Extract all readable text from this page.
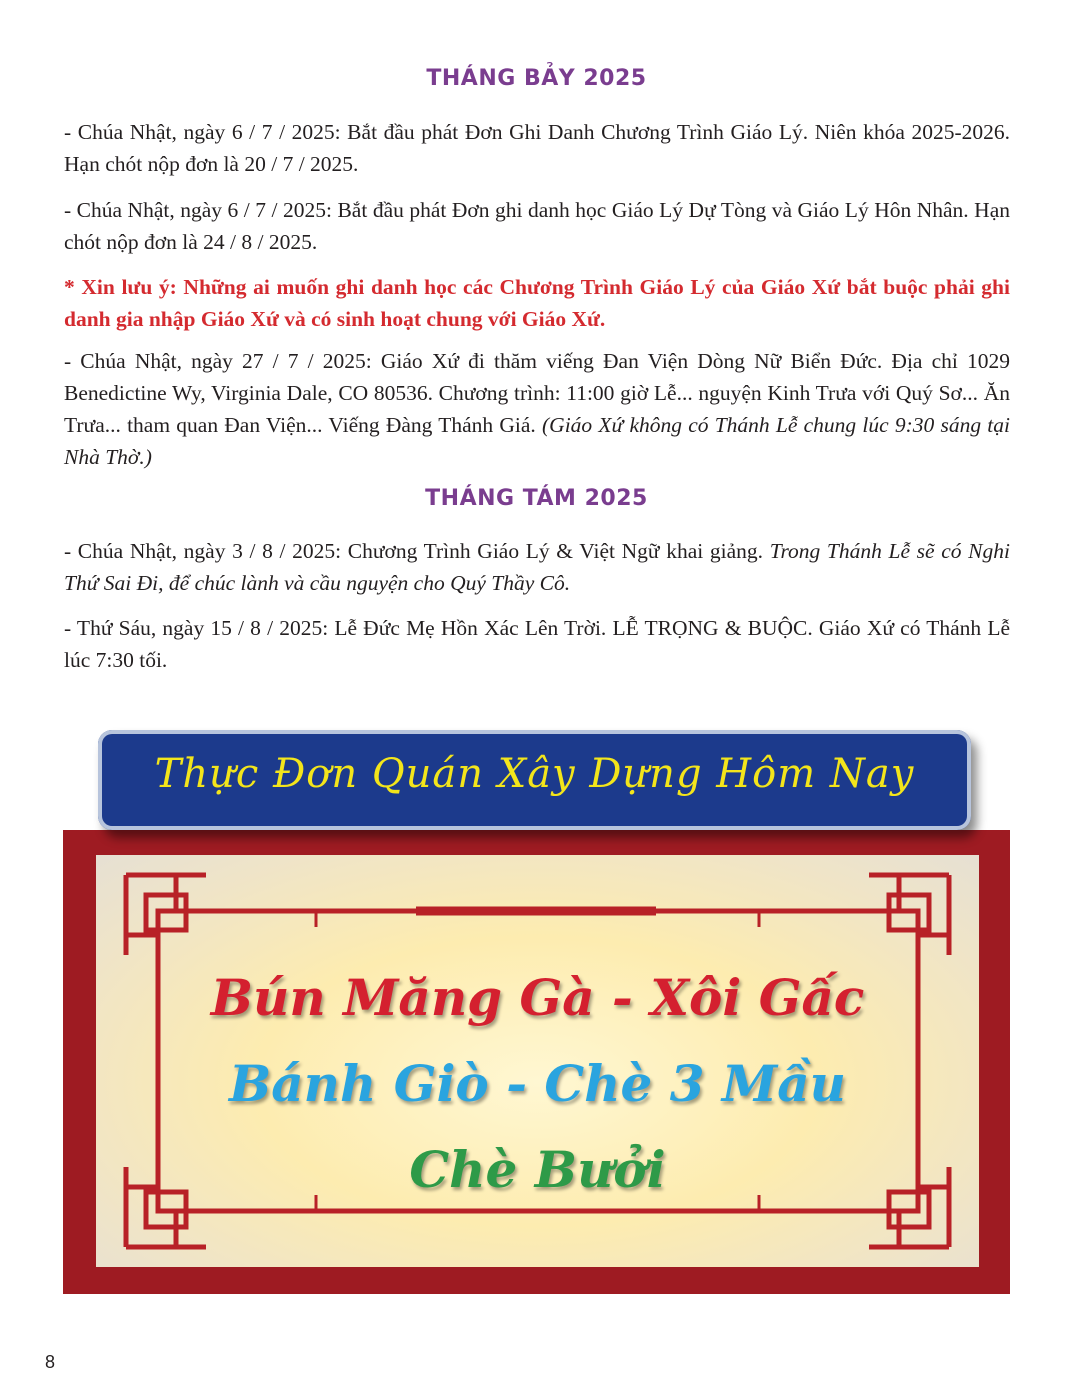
THÁNG BẢY 2025

- Chúa Nhật, ngày 6 / 7 / 2025: Bắt đầu phát Đơn Ghi Danh Chương Trình Giáo Lý. Niên khóa 2025-2026. Hạn chót nộp đơn là 20 / 7 / 2025.

- Chúa Nhật, ngày 6 / 7 / 2025: Bắt đầu phát Đơn ghi danh học Giáo Lý Dự Tòng và Giáo Lý Hôn Nhân. Hạn chót nộp đơn là 24 / 8 / 2025.

* Xin lưu ý: Những ai muốn ghi danh học các Chương Trình Giáo Lý của Giáo Xứ bắt buộc phải ghi danh gia nhập Giáo Xứ và có sinh hoạt chung với Giáo Xứ.

- Chúa Nhật, ngày 27 / 7 / 2025: Giáo Xứ đi thăm viếng Đan Viện Dòng Nữ Biển Đức. Địa chỉ 1029 Benedictine Wy, Virginia Dale, CO 80536. Chương trình: 11:00 giờ Lễ... nguyện Kinh Trưa với Quý Sơ... Ăn Trưa... tham quan Đan Viện... Viếng Đàng Thánh Giá. (Giáo Xứ không có Thánh Lễ chung lúc 9:30 sáng tại Nhà Thờ.)

THÁNG TÁM 2025

- Chúa Nhật, ngày 3 / 8 / 2025: Chương Trình Giáo Lý & Việt Ngữ khai giảng. Trong Thánh Lễ sẽ có Nghi Thứ Sai Đi, để chúc lành và cầu nguyện cho Quý Thầy Cô.

- Thứ Sáu, ngày 15 / 8 / 2025: Lễ Đức Mẹ Hồn Xác Lên Trời. LỄ TRỌNG & BUỘC. Giáo Xứ có Thánh Lễ lúc 7:30 tối.

Thực Đơn Quán Xây Dựng Hôm Nay
Bún Măng Gà - Xôi Gấc
Bánh Giò - Chè 3 Mầu
Chè Bưởi
8
